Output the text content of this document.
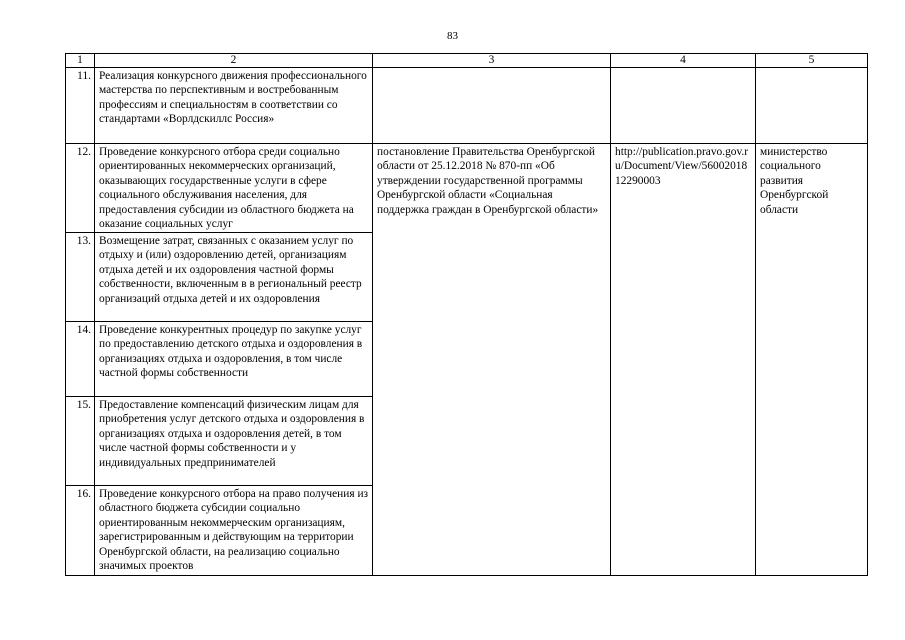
83
1	2	3	4	5
11.	Реализация конкурсного движения профессионального мастерства по перспективным и востребованным профессиям и специальностям в соответствии со стандартами «Ворлдскиллс Россия»			
12.	Проведение конкурсного отбора среди социально ориентированных некоммерческих организаций, оказывающих государственные услуги в сфере социального обслуживания населения, для предоставления субсидии из областного бюджета на оказание социальных услуг	постановление Правительства Оренбургской области от 25.12.2018 № 870-пп «Об утверждении государственной программы Оренбургской области «Социальная поддержка граждан в Оренбургской области»	http://publication.pravo.gov.ru/Document/View/5600201812290003	министерство социального развития Оренбургской области
13.	Возмещение затрат, связанных с оказанием услуг по отдыху и (или) оздоровлению детей, организациям отдыха детей и их оздоровления частной формы собственности, включенным в в региональный реестр организаций отдыха детей и их оздоровления			
14.	Проведение конкурентных процедур по закупке услуг по предоставлению детского отдыха и оздоровления в организациях отдыха и оздоровления, в том числе частной формы собственности			
15.	Предоставление компенсаций физическим лицам для приобретения услуг детского отдыха и оздоровления в организациях отдыха и оздоровления детей, в том числе частной формы собственности и у индивидуальных предпринимателей			
16.	Проведение конкурсного отбора на право получения из областного бюджета субсидии социально ориентированным некоммерческим организациям, зарегистрированным и действующим на территории Оренбургской области, на реализацию социально значимых проектов			
